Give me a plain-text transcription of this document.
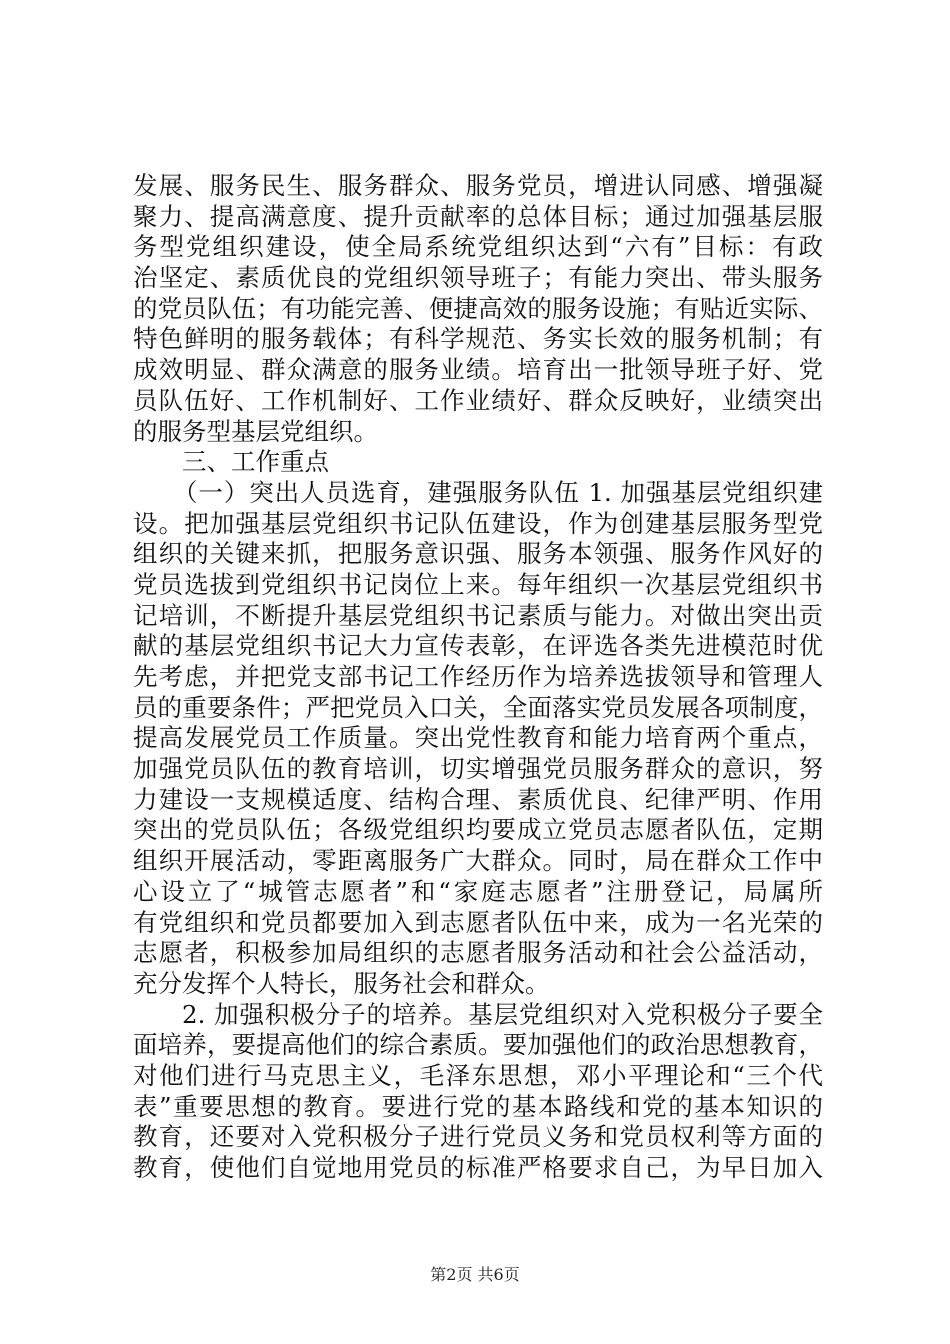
发展、服务民生、服务群众、服务党员，增进认同感、增强凝
聚力、提高满意度、提升贡献率的总体目标；通过加强基层服
务型党组织建设，使全局系统党组织达到“六有”目标：有政
治坚定、素质优良的党组织领导班子；有能力突出、带头服务
的党员队伍；有功能完善、便捷高效的服务设施；有贴近实际、
特色鲜明的服务载体；有科学规范、务实长效的服务机制；有
成效明显、群众满意的服务业绩。培育出一批领导班子好、党
员队伍好、工作机制好、工作业绩好、群众反映好，业绩突出
的服务型基层党组织。
三、工作重点
（一）突出人员选育，建强服务队伍 1. 加强基层党组织建
设。把加强基层党组织书记队伍建设，作为创建基层服务型党
组织的关键来抓，把服务意识强、服务本领强、服务作风好的
党员选拔到党组织书记岗位上来。每年组织一次基层党组织书
记培训，不断提升基层党组织书记素质与能力。对做出突出贡
献的基层党组织书记大力宣传表彰，在评选各类先进模范时优
先考虑，并把党支部书记工作经历作为培养选拔领导和管理人
员的重要条件；严把党员入口关，全面落实党员发展各项制度，
提高发展党员工作质量。突出党性教育和能力培育两个重点，
加强党员队伍的教育培训，切实增强党员服务群众的意识，努
力建设一支规模适度、结构合理、素质优良、纪律严明、作用
突出的党员队伍；各级党组织均要成立党员志愿者队伍，定期
组织开展活动，零距离服务广大群众。同时，局在群众工作中
心设立了“城管志愿者”和“家庭志愿者”注册登记，局属所
有党组织和党员都要加入到志愿者队伍中来，成为一名光荣的
志愿者，积极参加局组织的志愿者服务活动和社会公益活动，
充分发挥个人特长，服务社会和群众。
2. 加强积极分子的培养。基层党组织对入党积极分子要全
面培养，要提高他们的综合素质。要加强他们的政治思想教育，
对他们进行马克思主义，毛泽东思想，邓小平理论和“三个代
表”重要思想的教育。要进行党的基本路线和党的基本知识的
教育，还要对入党积极分子进行党员义务和党员权利等方面的
教育，使他们自觉地用党员的标准严格要求自己，为早日加入
第2页 共6页
